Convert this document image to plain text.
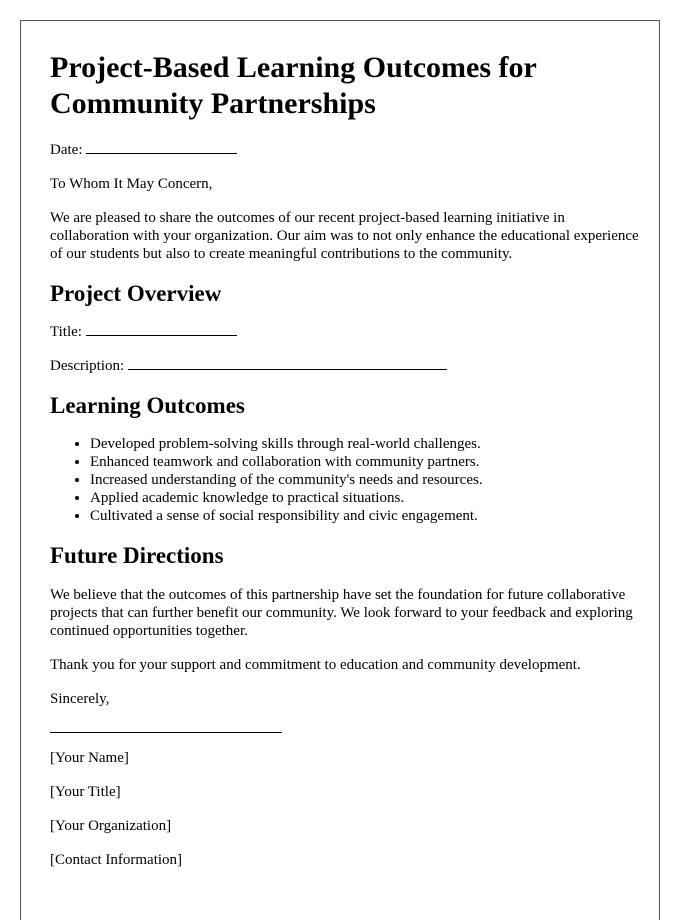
Project-Based Learning Outcomes for Community Partnerships

Date:

To Whom It May Concern,

We are pleased to share the outcomes of our recent project-based learning initiative in collaboration with your organization. Our aim was to not only enhance the educational experience of our students but also to create meaningful contributions to the community.

Project Overview

Title:

Description:

Learning Outcomes
• Developed problem-solving skills through real-world challenges.
• Enhanced teamwork and collaboration with community partners.
• Increased understanding of the community's needs and resources.
• Applied academic knowledge to practical situations.
• Cultivated a sense of social responsibility and civic engagement.
Future Directions

We believe that the outcomes of this partnership have set the foundation for future collaborative projects that can further benefit our community. We look forward to your feedback and exploring continued opportunities together.

Thank you for your support and commitment to education and community development.

Sincerely,

[Your Name]

[Your Title]

[Your Organization]

[Contact Information]
